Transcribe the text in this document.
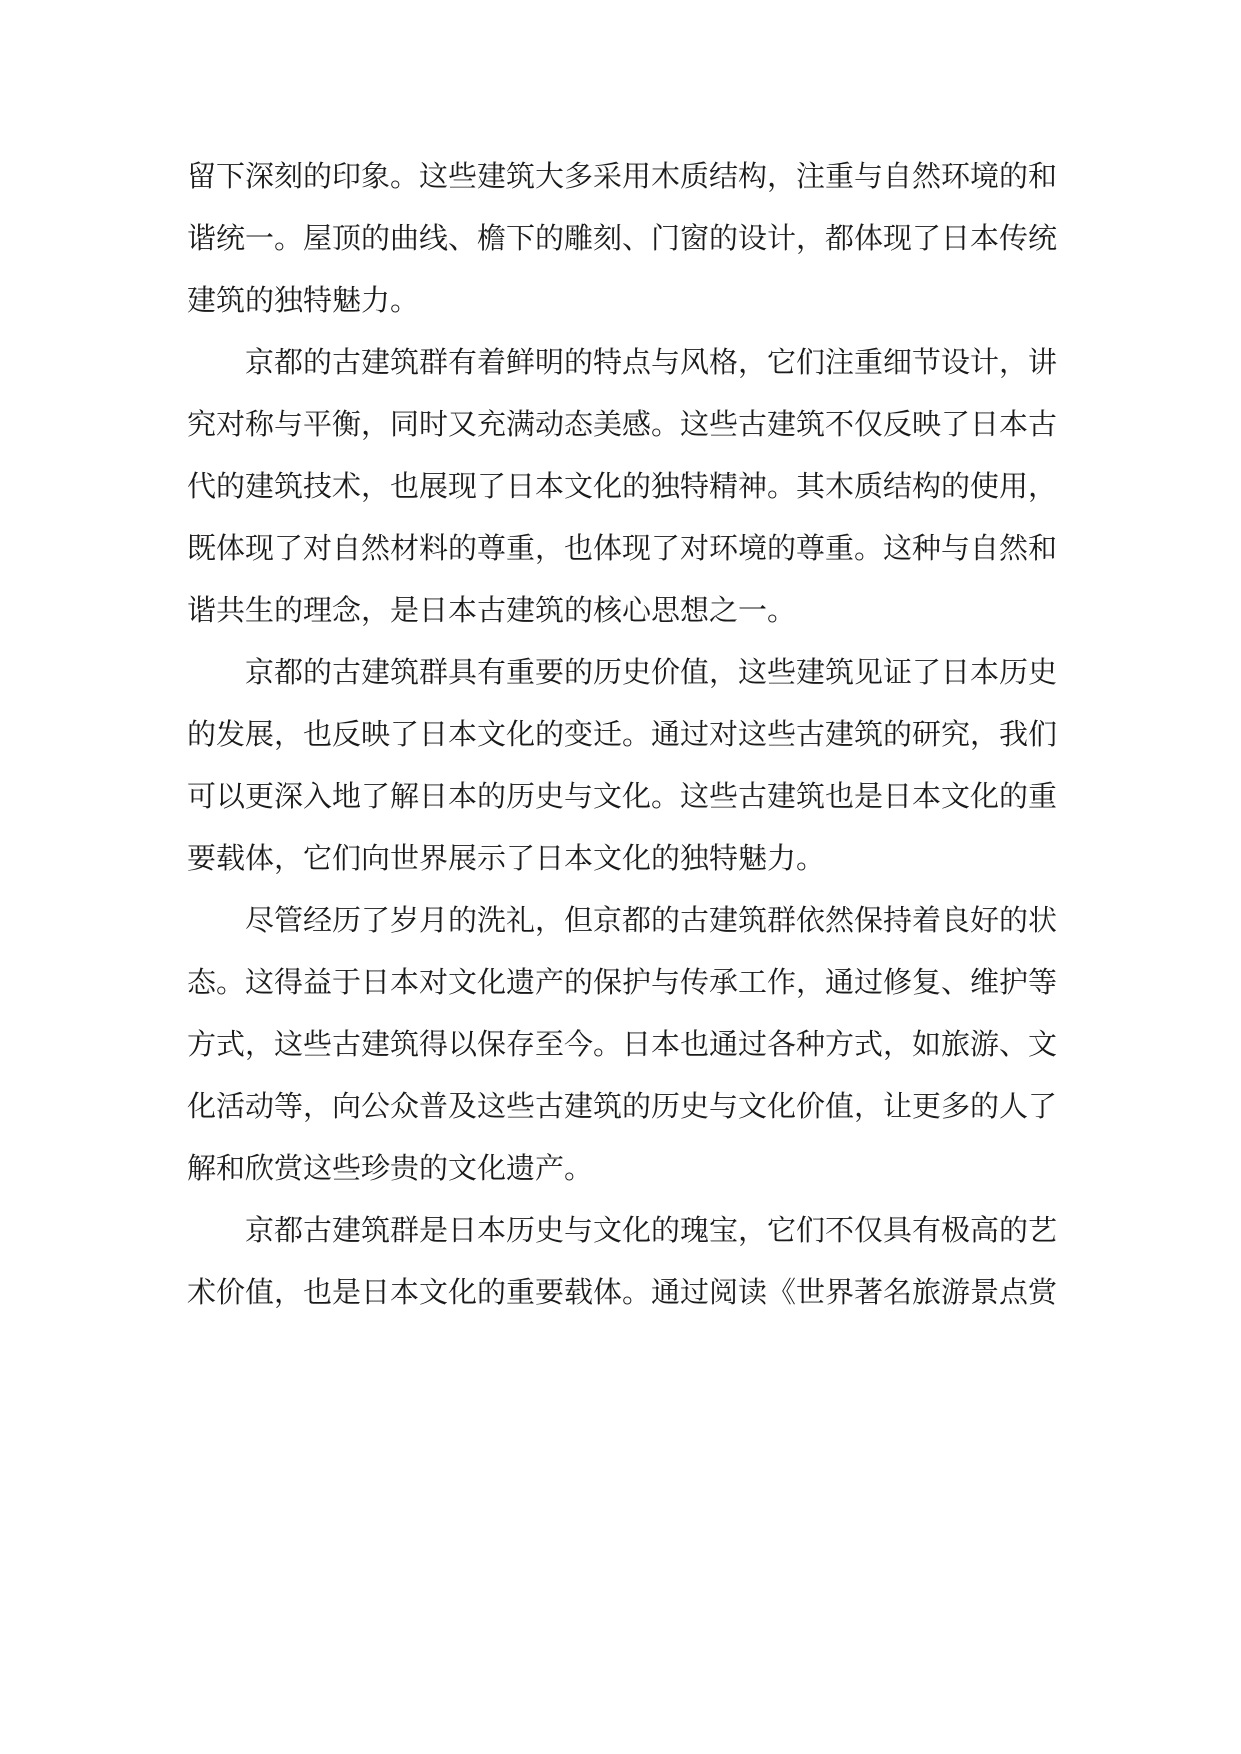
留下深刻的印象。这些建筑大多采用木质结构，注重与自然环境的和谐统一。屋顶的曲线、檐下的雕刻、门窗的设计，都体现了日本传统建筑的独特魅力。

京都的古建筑群有着鲜明的特点与风格，它们注重细节设计，讲究对称与平衡，同时又充满动态美感。这些古建筑不仅反映了日本古代的建筑技术，也展现了日本文化的独特精神。其木质结构的使用，既体现了对自然材料的尊重，也体现了对环境的尊重。这种与自然和谐共生的理念，是日本古建筑的核心思想之一。

京都的古建筑群具有重要的历史价值，这些建筑见证了日本历史的发展，也反映了日本文化的变迁。通过对这些古建筑的研究，我们可以更深入地了解日本的历史与文化。这些古建筑也是日本文化的重要载体，它们向世界展示了日本文化的独特魅力。

尽管经历了岁月的洗礼，但京都的古建筑群依然保持着良好的状态。这得益于日本对文化遗产的保护与传承工作，通过修复、维护等方式，这些古建筑得以保存至今。日本也通过各种方式，如旅游、文化活动等，向公众普及这些古建筑的历史与文化价值，让更多的人了解和欣赏这些珍贵的文化遗产。

京都古建筑群是日本历史与文化的瑰宝，它们不仅具有极高的艺术价值，也是日本文化的重要载体。通过阅读《世界著名旅游景点赏
